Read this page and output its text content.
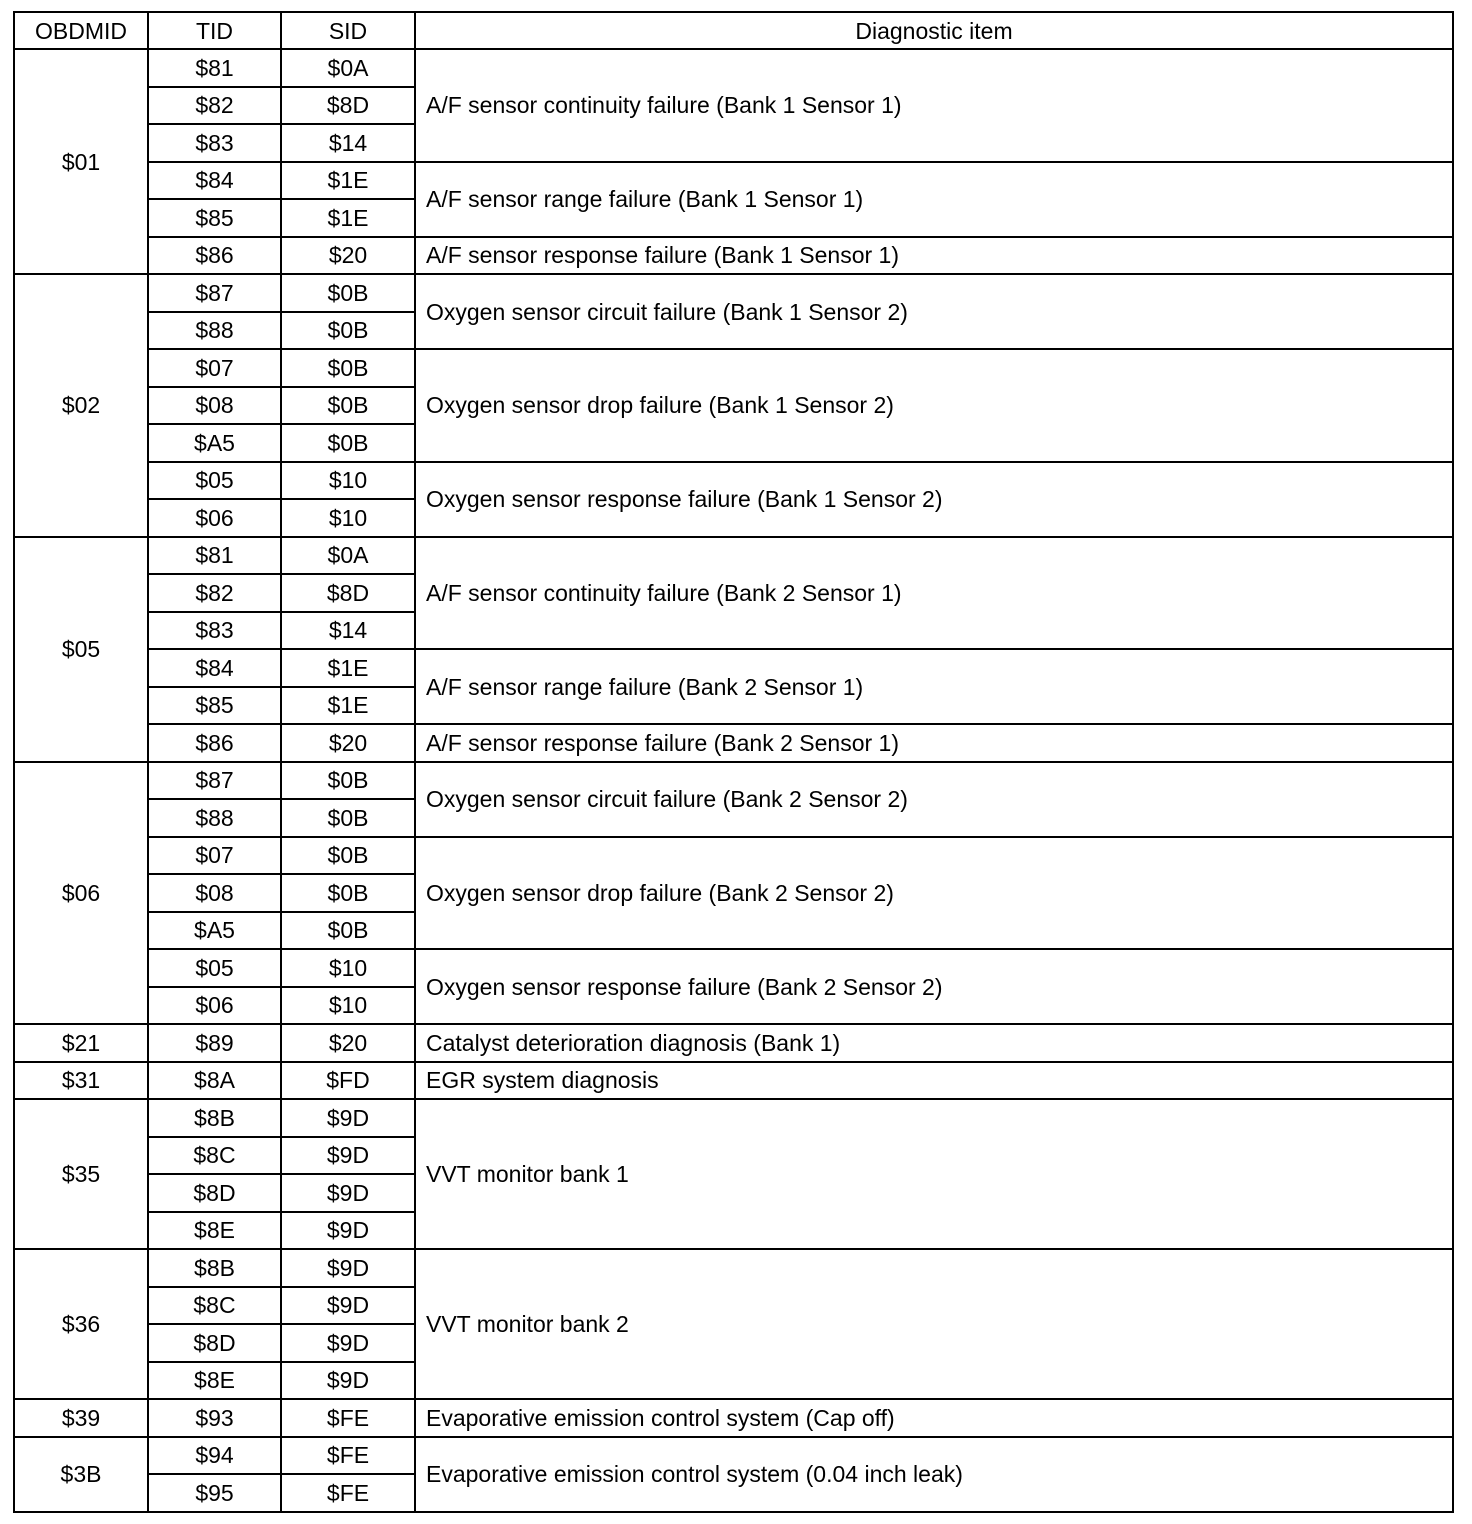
OBDMID	TID	SID	Diagnostic item
$01	$81	$0A	A/F sensor continuity failure (Bank 1 Sensor 1)
	$82	$8D	
	$83	$14	
	$84	$1E	A/F sensor range failure (Bank 1 Sensor 1)
	$85	$1E	
	$86	$20	A/F sensor response failure (Bank 1 Sensor 1)
$02	$87	$0B	Oxygen sensor circuit failure (Bank 1 Sensor 2)
	$88	$0B	
	$07	$0B	Oxygen sensor drop failure (Bank 1 Sensor 2)
	$08	$0B	
	$A5	$0B	
	$05	$10	Oxygen sensor response failure (Bank 1 Sensor 2)
	$06	$10	
$05	$81	$0A	A/F sensor continuity failure (Bank 2 Sensor 1)
	$82	$8D	
	$83	$14	
	$84	$1E	A/F sensor range failure (Bank 2 Sensor 1)
	$85	$1E	
	$86	$20	A/F sensor response failure (Bank 2 Sensor 1)
$06	$87	$0B	Oxygen sensor circuit failure (Bank 2 Sensor 2)
	$88	$0B	
	$07	$0B	Oxygen sensor drop failure (Bank 2 Sensor 2)
	$08	$0B	
	$A5	$0B	
	$05	$10	Oxygen sensor response failure (Bank 2 Sensor 2)
	$06	$10	
$21	$89	$20	Catalyst deterioration diagnosis (Bank 1)
$31	$8A	$FD	EGR system diagnosis
$35	$8B	$9D	VVT monitor bank 1
	$8C	$9D	
	$8D	$9D	
	$8E	$9D	
$36	$8B	$9D	VVT monitor bank 2
	$8C	$9D	
	$8D	$9D	
	$8E	$9D	
$39	$93	$FE	Evaporative emission control system (Cap off)
$3B	$94	$FE	Evaporative emission control system (0.04 inch leak)
	$95	$FE	
